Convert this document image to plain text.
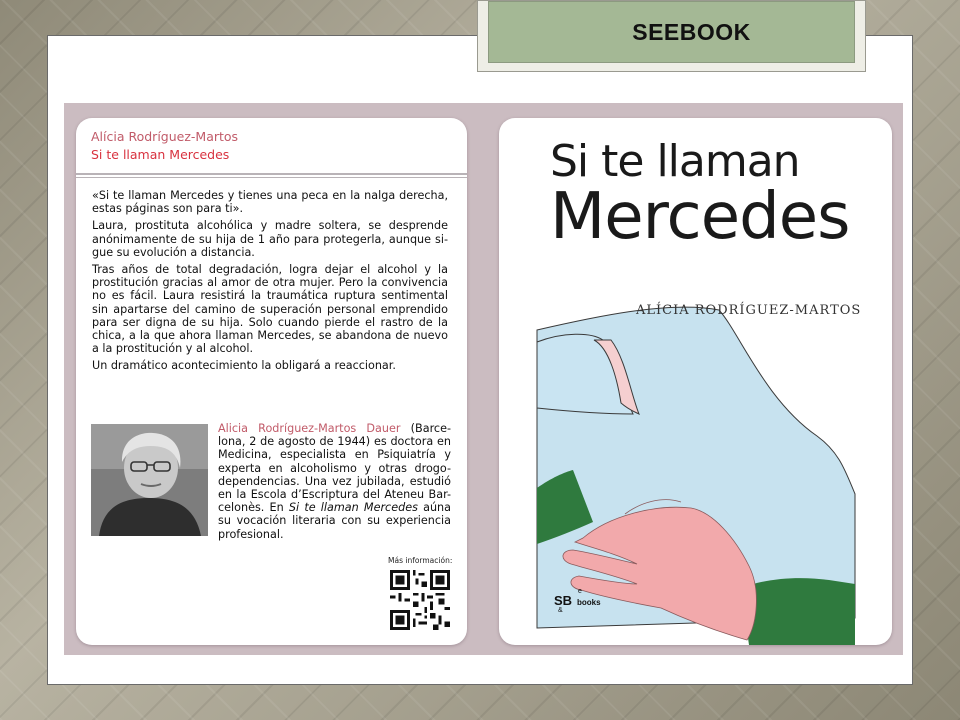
SEEBOOK
Alícia Rodríguez-Martos
Si te llaman Mercedes

«Si te llaman Mercedes y tienes una peca en la nalga derecha, estas páginas son para ti».

Laura, prostituta alcohólica y madre soltera, se desprende anónimamente de su hija de 1 año para protegerla, aunque si-gue su evolución a distancia.

Tras años de total degradación, logra dejar el alcohol y la prostitución gracias al amor de otra mujer. Pero la convivencia no es fácil. Laura resistirá la traumática ruptura sentimental sin apartarse del camino de superación personal emprendido para ser digna de su hija. Solo cuando pierde el rastro de la chica, a la que ahora llaman Mercedes, se abandona de nuevo a la prostitución y al alcohol.

Un dramático acontecimiento la obligará a reaccionar.

Alicia Rodríguez-Martos Dauer (Barce-lona, 2 de agosto de 1944) es doctora en Medicina, especialista en Psiquiatría y experta en alcoholismo y otras drogo-dependencias. Una vez jubilada, estudió en la Escola d’Escriptura del Ateneu Bar-celonès. En Si te llaman Mercedes aúna su vocación literaria con su experiencia profesional.
Más información:
Si te llaman
Mercedes
ALÍCIA RODRÍGUEZ-MARTOS
SB
e
books
&
